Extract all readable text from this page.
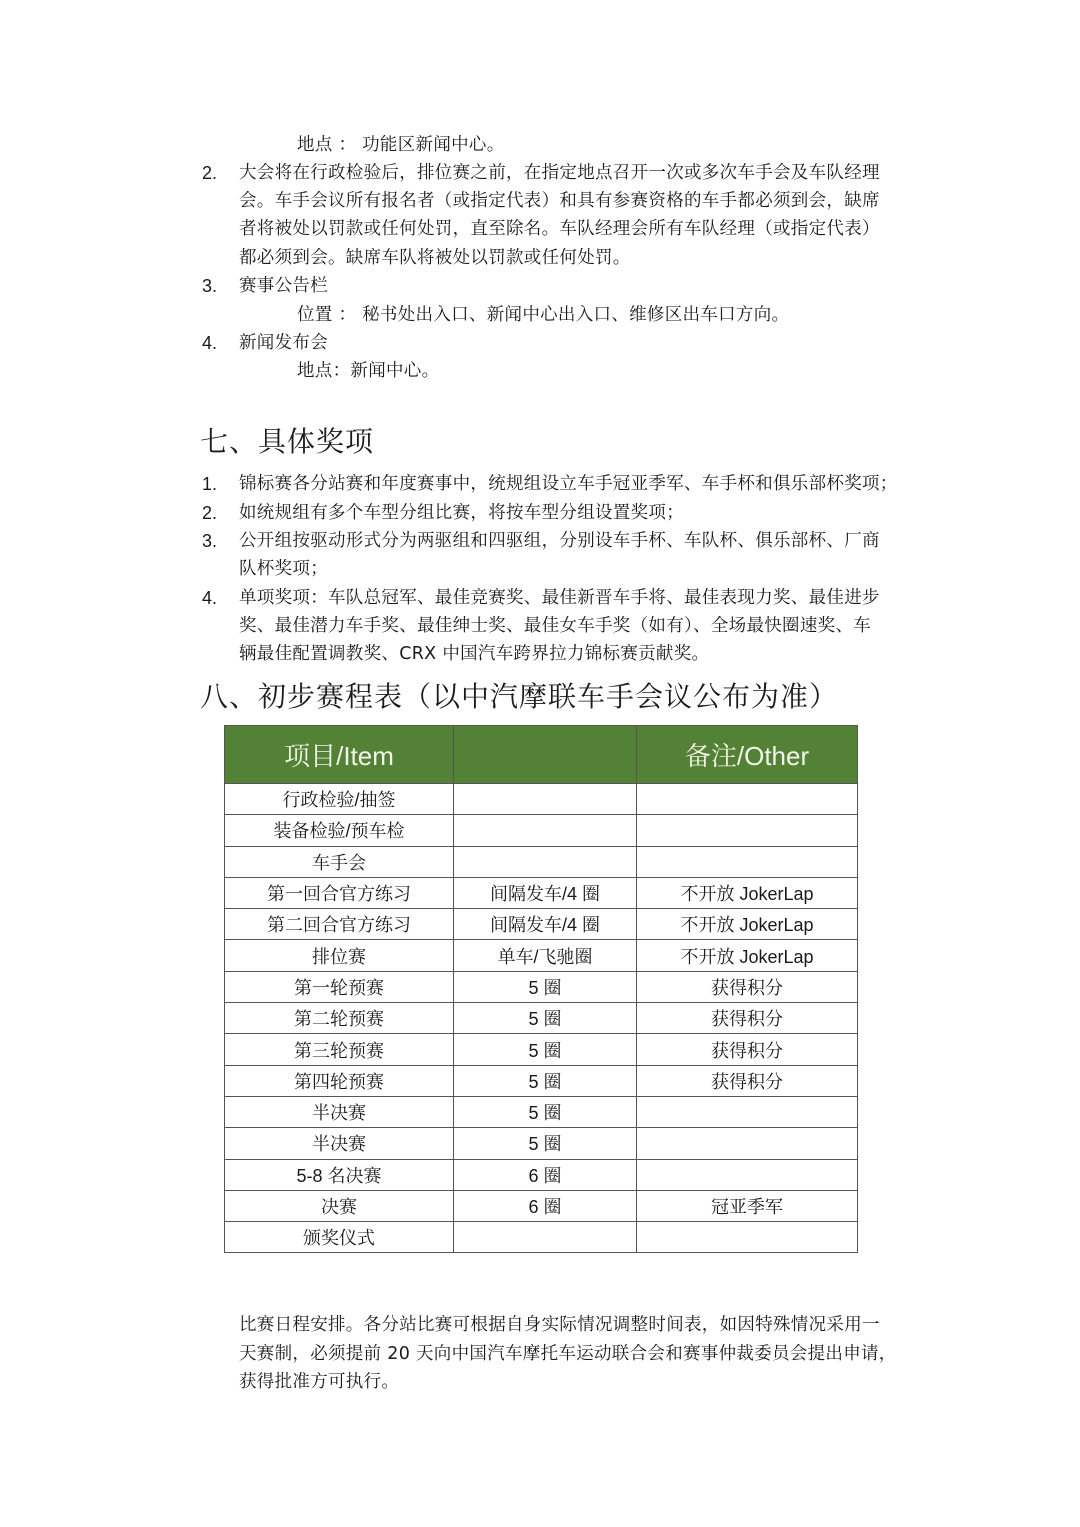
地点 ： 功能区新闻中心。
2. 大会将在行政检验后，排位赛之前，在指定地点召开一次或多次车手会及车队经理
会。车手会议所有报名者（或指定代表）和具有参赛资格的车手都必须到会，缺席
者将被处以罚款或任何处罚，直至除名。车队经理会所有车队经理（或指定代表）
都必须到会。缺席车队将被处以罚款或任何处罚。
3. 赛事公告栏
位置 ： 秘书处出入口、新闻中心出入口、维修区出车口方向。
4. 新闻发布会
地点：新闻中心。
七、具体奖项
1. 锦标赛各分站赛和年度赛事中，统规组设立车手冠亚季军、车手杯和俱乐部杯奖项；
2. 如统规组有多个车型分组比赛，将按车型分组设置奖项；
3. 公开组按驱动形式分为两驱组和四驱组，分别设车手杯、车队杯、俱乐部杯、厂商
队杯奖项；
4. 单项奖项：车队总冠军、最佳竞赛奖、最佳新晋车手将、最佳表现力奖、最佳进步
奖、最佳潜力车手奖、最佳绅士奖、最佳女车手奖（如有）、全场最快圈速奖、车
辆最佳配置调教奖、CRX 中国汽车跨界拉力锦标赛贡献奖。
八、初步赛程表（以中汽摩联车手会议公布为准）
项目/Item		备注/Other
行政检验/抽签		
装备检验/预车检		
车手会		
第一回合官方练习	间隔发车/4 圈	不开放 JokerLap
第二回合官方练习	间隔发车/4 圈	不开放 JokerLap
排位赛	单车/飞驰圈	不开放 JokerLap
第一轮预赛	5 圈	获得积分
第二轮预赛	5 圈	获得积分
第三轮预赛	5 圈	获得积分
第四轮预赛	5 圈	获得积分
半决赛	5 圈	
半决赛	5 圈	
5-8 名决赛	6 圈	
决赛	6 圈	冠亚季军
颁奖仪式		
比赛日程安排。各分站比赛可根据自身实际情况调整时间表，如因特殊情况采用一
天赛制，必须提前 20 天向中国汽车摩托车运动联合会和赛事仲裁委员会提出申请，
获得批准方可执行。
